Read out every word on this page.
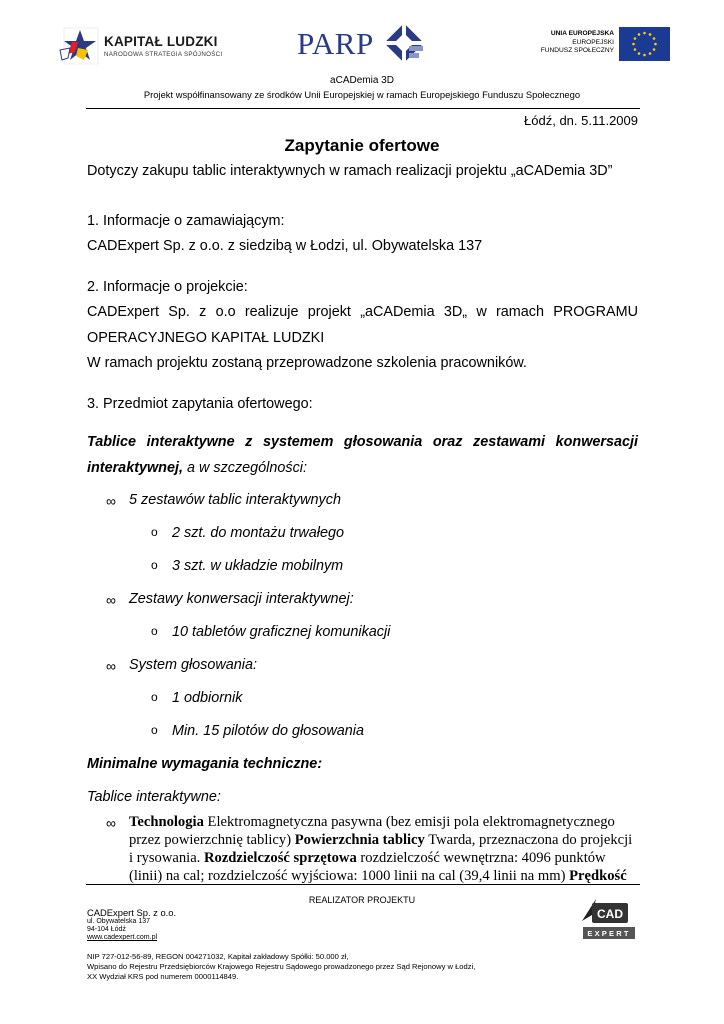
KAPITAŁ LUDZKI
NARODOWA STRATEGIA SPÓJNOŚCI PARP	UNIA EUROPEJSKA
EUROPEJSKI
FUNDUSZ SPOŁECZNY
aCADemia 3D
Projekt współfinansowany ze środków Unii Europejskiej w ramach Europejskiego Funduszu Społecznego
Łódź, dn. 5.11.2009
Zapytanie ofertowe
Dotyczy zakupu tablic interaktywnych w ramach realizacji projektu „aCADemia 3D”
1. Informacje o zamawiającym:
CADExpert Sp. z o.o. z siedzibą w Łodzi, ul. Obywatelska 137
2. Informacje o projekcie:
CADExpert Sp. z o.o realizuje projekt „aCADemia 3D„ w ramach PROGRAMU
OPERACYJNEGO KAPITAŁ LUDZKI
W ramach projektu zostaną przeprowadzone szkolenia pracowników.
3. Przedmiot zapytania ofertowego:
Tablice interaktywne z systemem głosowania oraz zestawami konwersacji
interaktywnej, a w szczególności:
∞ 5 zestawów tablic interaktywnych
o 2 szt. do montażu trwałego
o 3 szt. w układzie mobilnym
∞ Zestawy konwersacji interaktywnej:
o 10 tabletów graficznej komunikacji
∞ System głosowania:
o 1 odbiornik
o Min. 15 pilotów do głosowania
Minimalne wymagania techniczne:
Tablice interaktywne:
∞ Technologia Elektromagnetyczna pasywna (bez emisji pola elektromagnetycznego
przez powierzchnię tablicy) Powierzchnia tablicy Twarda, przeznaczona do projekcji
i rysowania. Rozdzielczość sprzętowa rozdzielczość wewnętrzna: 4096 punktów
(linii) na cal; rozdzielczość wyjściowa: 1000 linii na cal (39,4 linii na mm) Prędkość
REALIZATOR PROJEKTU
CADExpert Sp. z o.o.
ul. Obywatelska 137
94-104 Łódź
www.cadexpert.com.pl
NIP 727-012-56-89, REGON 004271032, Kapitał zakładowy Spółki: 50.000 zł,
Wpisano do Rejestru Przedsiębiorców Krajowego Rejestru Sądowego prowadzonego przez Sąd Rejonowy w Łodzi,
XX Wydział KRS pod numerem 0000114849.
CAD
EXPERT
